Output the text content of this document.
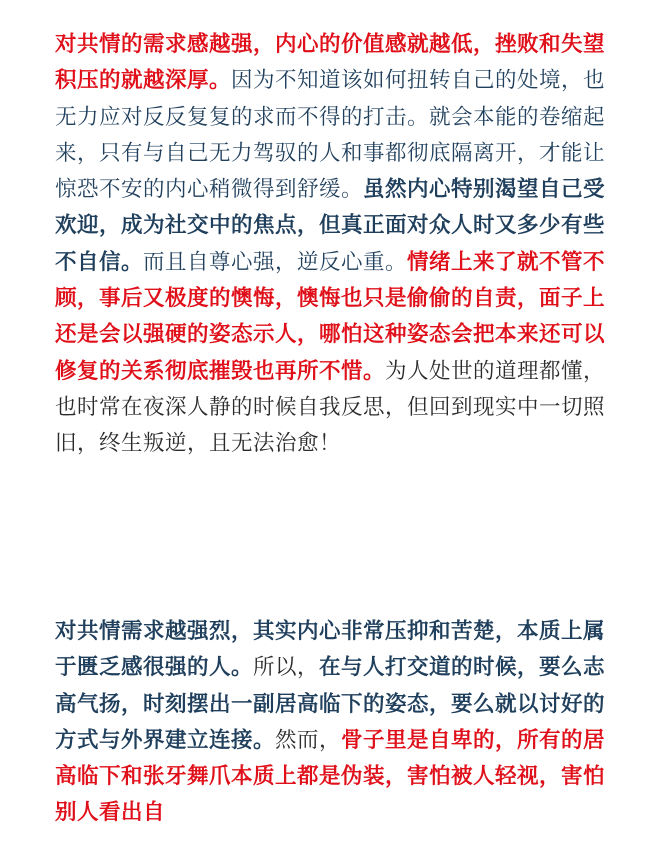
对共情的需求感越强，内心的价值感就越低，挫败和失望积压的就越深厚。因为不知道该如何扭转自己的处境，也无力应对反反复复的求而不得的打击。就会本能的卷缩起来，只有与自己无力驾驭的人和事都彻底隔离开，才能让惊恐不安的内心稍微得到舒缓。虽然内心特别渴望自己受欢迎，成为社交中的焦点，但真正面对众人时又多少有些不自信。而且自尊心强，逆反心重。情绪上来了就不管不顾，事后又极度的懊悔，懊悔也只是偷偷的自责，面子上还是会以强硬的姿态示人，哪怕这种姿态会把本来还可以修复的关系彻底摧毁也再所不惜。为人处世的道理都懂，也时常在夜深人静的时候自我反思，但回到现实中一切照旧，终生叛逆，且无法治愈！

对共情需求越强烈，其实内心非常压抑和苦楚，本质上属于匮乏感很强的人。所以，在与人打交道的时候，要么志高气扬，时刻摆出一副居高临下的姿态，要么就以讨好的方式与外界建立连接。然而，骨子里是自卑的，所有的居高临下和张牙舞爪本质上都是伪装，害怕被人轻视，害怕别人看出自
